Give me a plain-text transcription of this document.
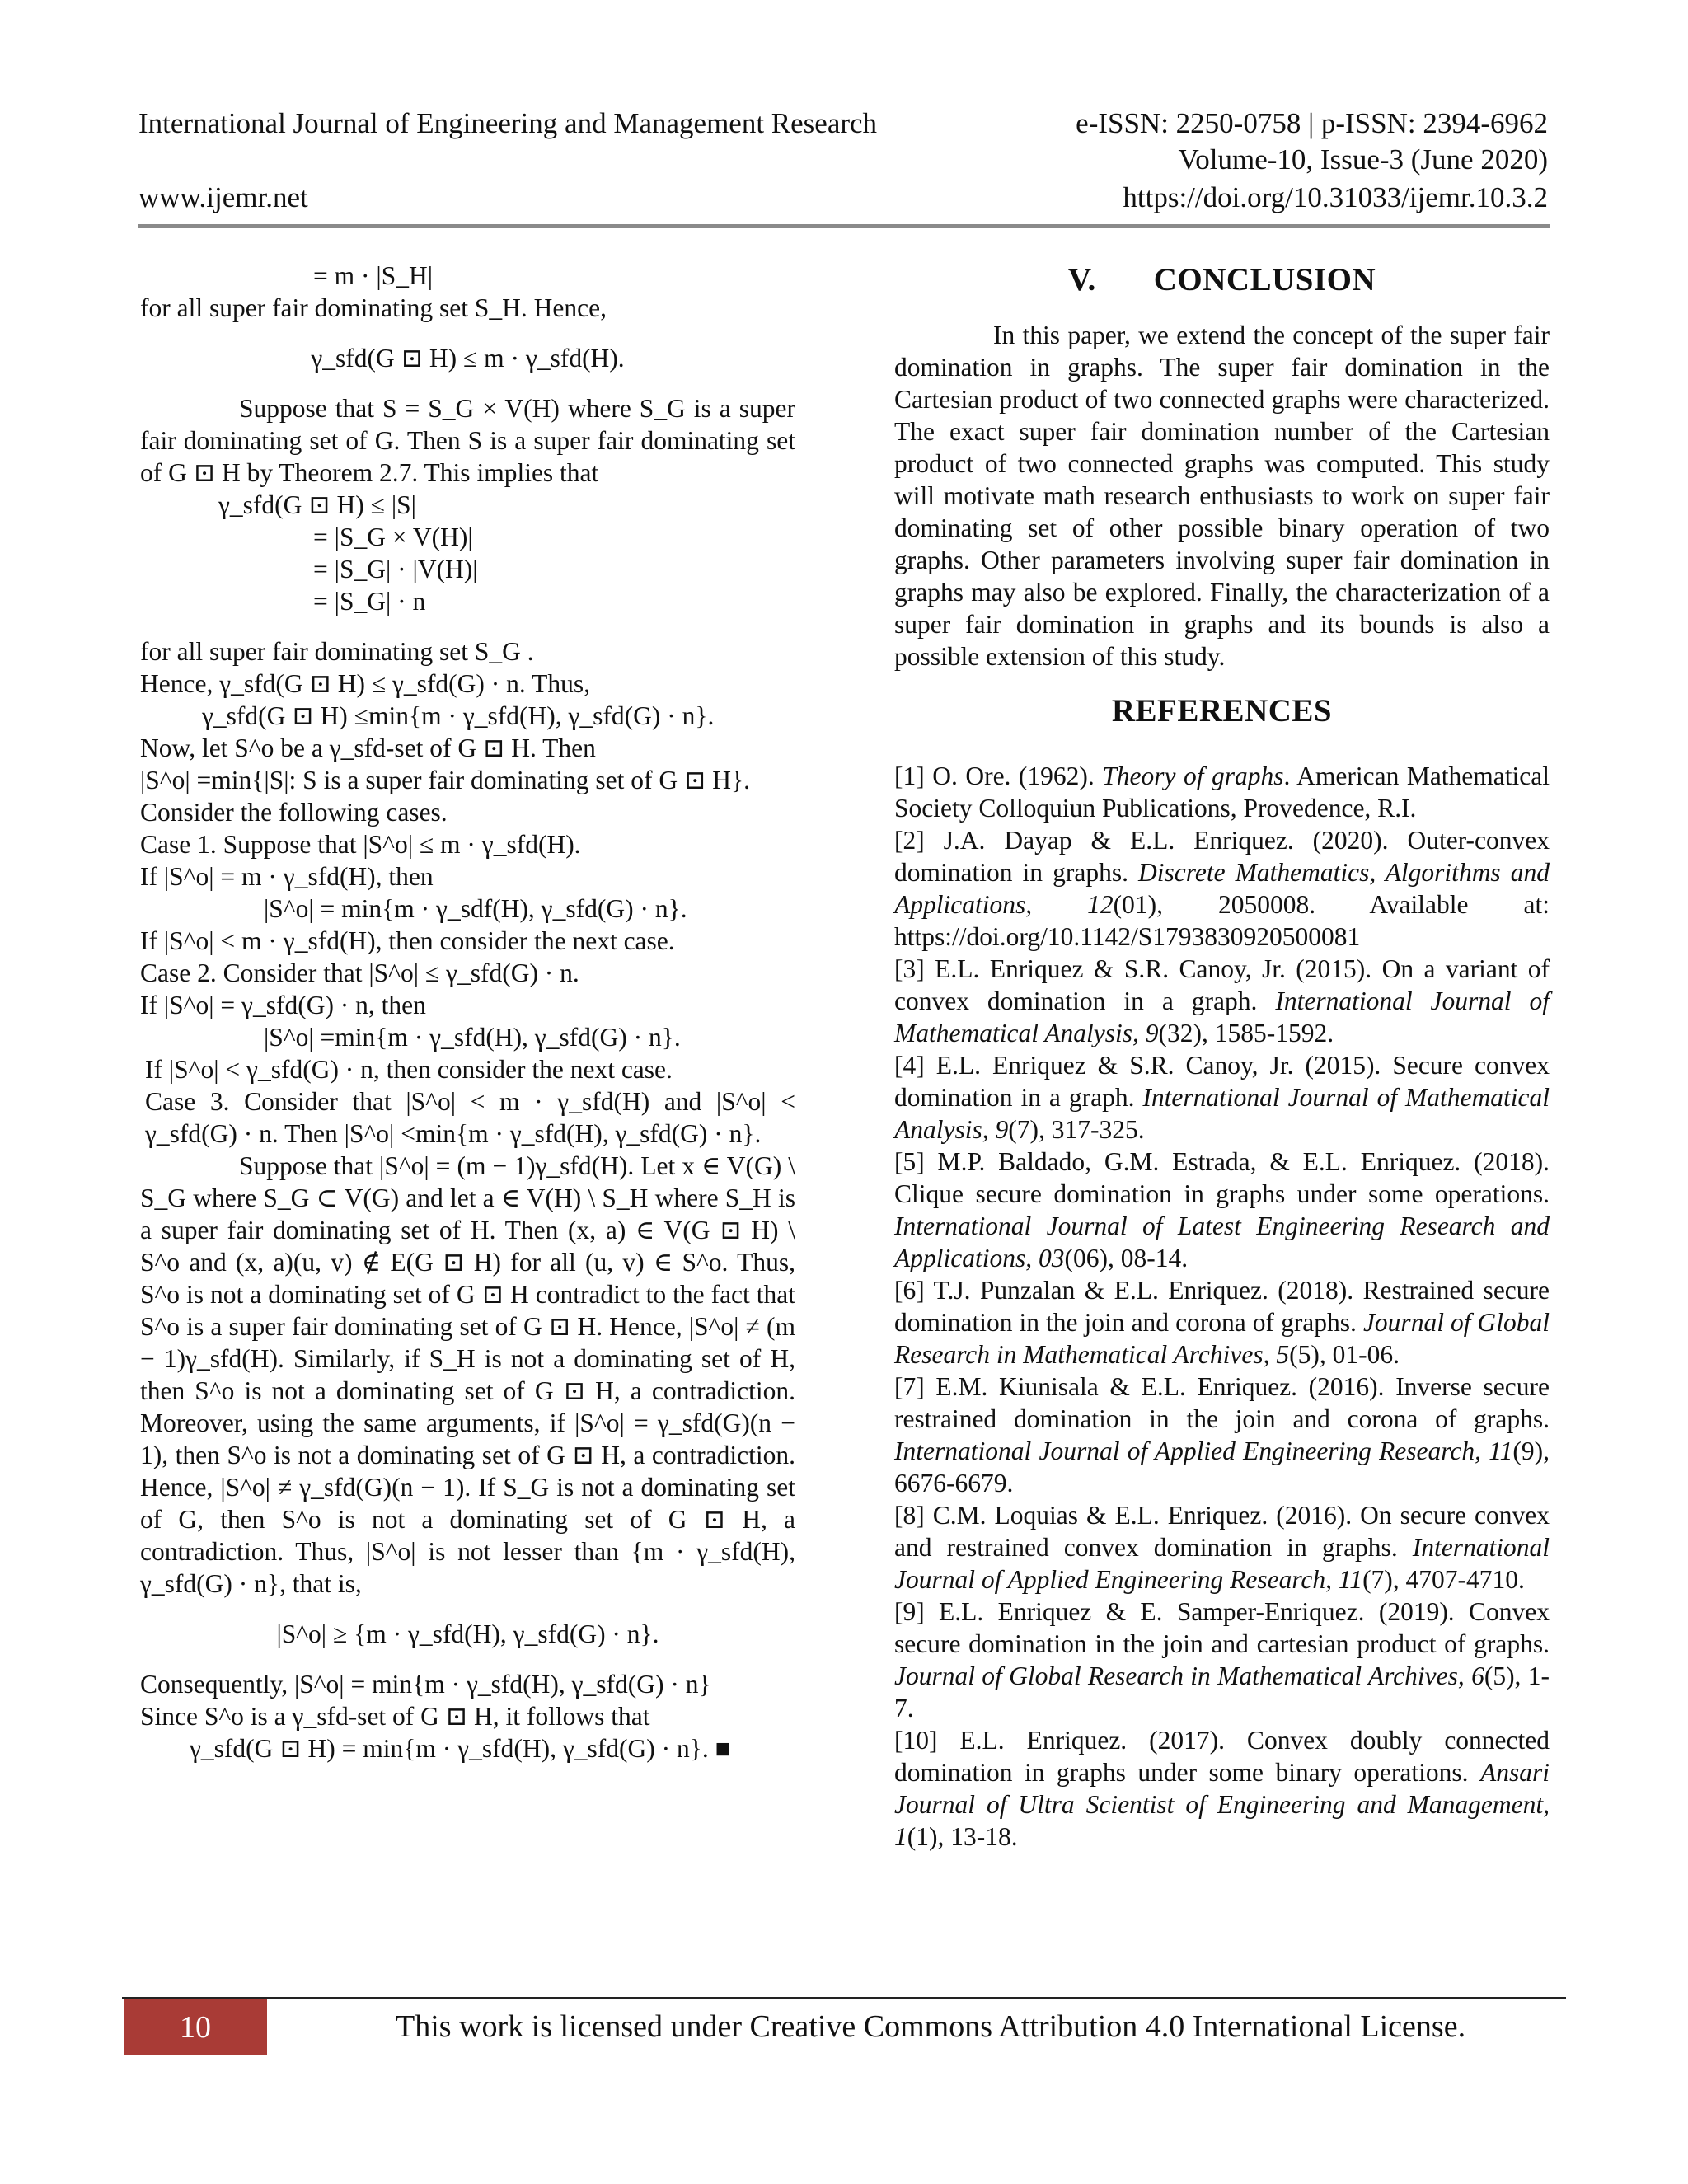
International Journal of Engineering and Management Research	e-ISSN: 2250-0758 | p-ISSN: 2394-6962
Volume-10, Issue-3 (June 2020)
www.ijemr.net	https://doi.org/10.31033/ijemr.10.3.2
= m · |S_H|
for all super fair dominating set S_H. Hence,
γ_sfd(G ⊡ H) ≤ m · γ_sfd(H).
Suppose that S = S_G × V(H) where S_G is a super fair dominating set of G. Then S is a super fair dominating set of G ⊡ H by Theorem 2.7. This implies that
γ_sfd(G ⊡ H) ≤ |S|
= |S_G × V(H)|
= |S_G| · |V(H)|
= |S_G| · n
for all super fair dominating set S_G .
Hence, γ_sfd(G ⊡ H) ≤ γ_sfd(G) · n. Thus,
γ_sfd(G ⊡ H) ≤min{m · γ_sfd(H), γ_sfd(G) · n}.
Now, let S^o be a γ_sfd-set of G ⊡ H. Then
|S^o| =min{|S|: S is a super fair dominating set of G ⊡ H}.
Consider the following cases.
Case 1. Suppose that |S^o| ≤ m · γ_sfd(H).
If |S^o| = m · γ_sfd(H), then
|S^o| = min{m · γ_sdf(H), γ_sfd(G) · n}.
If |S^o| < m · γ_sfd(H), then consider the next case.
Case 2. Consider that |S^o| ≤ γ_sfd(G) · n.
If |S^o| = γ_sfd(G) · n, then
|S^o| =min{m · γ_sfd(H), γ_sfd(G) · n}.
If |S^o| < γ_sfd(G) · n, then consider the next case.
Case 3. Consider that |S^o| < m · γ_sfd(H) and |S^o| < γ_sfd(G) · n. Then |S^o| <min{m · γ_sfd(H), γ_sfd(G) · n}.
Suppose that |S^o| = (m − 1)γ_sfd(H). Let x ∈ V(G) \ S_G where S_G ⊂ V(G) and let a ∈ V(H) \ S_H where S_H is a super fair dominating set of H. Then (x, a) ∈ V(G ⊡ H) \ S^o and (x, a)(u, v) ∉ E(G ⊡ H) for all (u, v) ∈ S^o. Thus, S^o is not a dominating set of G ⊡ H contradict to the fact that S^o is a super fair dominating set of G ⊡ H. Hence, |S^o| ≠ (m − 1)γ_sfd(H). Similarly, if S_H is not a dominating set of H, then S^o is not a dominating set of G ⊡ H, a contradiction. Moreover, using the same arguments, if |S^o| = γ_sfd(G)(n − 1), then S^o is not a dominating set of G ⊡ H, a contradiction. Hence, |S^o| ≠ γ_sfd(G)(n − 1). If S_G is not a dominating set of G, then S^o is not a dominating set of G ⊡ H, a contradiction. Thus, |S^o| is not lesser than {m · γ_sfd(H), γ_sfd(G) · n}, that is,
|S^o| ≥ {m · γ_sfd(H), γ_sfd(G) · n}.
Consequently, |S^o| = min{m · γ_sfd(H), γ_sfd(G) · n}
Since S^o is a γ_sfd-set of G ⊡ H, it follows that
γ_sfd(G ⊡ H) = min{m · γ_sfd(H), γ_sfd(G) · n}. ■
V. CONCLUSION
In this paper, we extend the concept of the super fair domination in graphs. The super fair domination in the Cartesian product of two connected graphs were characterized. The exact super fair domination number of the Cartesian product of two connected graphs was computed. This study will motivate math research enthusiasts to work on super fair dominating set of other possible binary operation of two graphs. Other parameters involving super fair domination in graphs may also be explored. Finally, the characterization of a super fair domination in graphs and its bounds is also a possible extension of this study.
REFERENCES

[1] O. Ore. (1962). Theory of graphs. American Mathematical Society Colloquiun Publications, Provedence, R.I.

[2] J.A. Dayap & E.L. Enriquez. (2020). Outer-convex domination in graphs. Discrete Mathematics, Algorithms and Applications, 12(01), 2050008. Available at: https://doi.org/10.1142/S1793830920500081

[3] E.L. Enriquez & S.R. Canoy, Jr. (2015). On a variant of convex domination in a graph. International Journal of Mathematical Analysis, 9(32), 1585-1592.

[4] E.L. Enriquez & S.R. Canoy, Jr. (2015). Secure convex domination in a graph. International Journal of Mathematical Analysis, 9(7), 317-325.

[5] M.P. Baldado, G.M. Estrada, & E.L. Enriquez. (2018). Clique secure domination in graphs under some operations. International Journal of Latest Engineering Research and Applications, 03(06), 08-14.

[6] T.J. Punzalan & E.L. Enriquez. (2018). Restrained secure domination in the join and corona of graphs. Journal of Global Research in Mathematical Archives, 5(5), 01-06.

[7] E.M. Kiunisala & E.L. Enriquez. (2016). Inverse secure restrained domination in the join and corona of graphs. International Journal of Applied Engineering Research, 11(9), 6676-6679.

[8] C.M. Loquias & E.L. Enriquez. (2016). On secure convex and restrained convex domination in graphs. International Journal of Applied Engineering Research, 11(7), 4707-4710.

[9] E.L. Enriquez & E. Samper-Enriquez. (2019). Convex secure domination in the join and cartesian product of graphs. Journal of Global Research in Mathematical Archives, 6(5), 1-7.

[10] E.L. Enriquez. (2017). Convex doubly connected domination in graphs under some binary operations. Ansari Journal of Ultra Scientist of Engineering and Management, 1(1), 13-18.

10	This work is licensed under Creative Commons Attribution 4.0 International License.
